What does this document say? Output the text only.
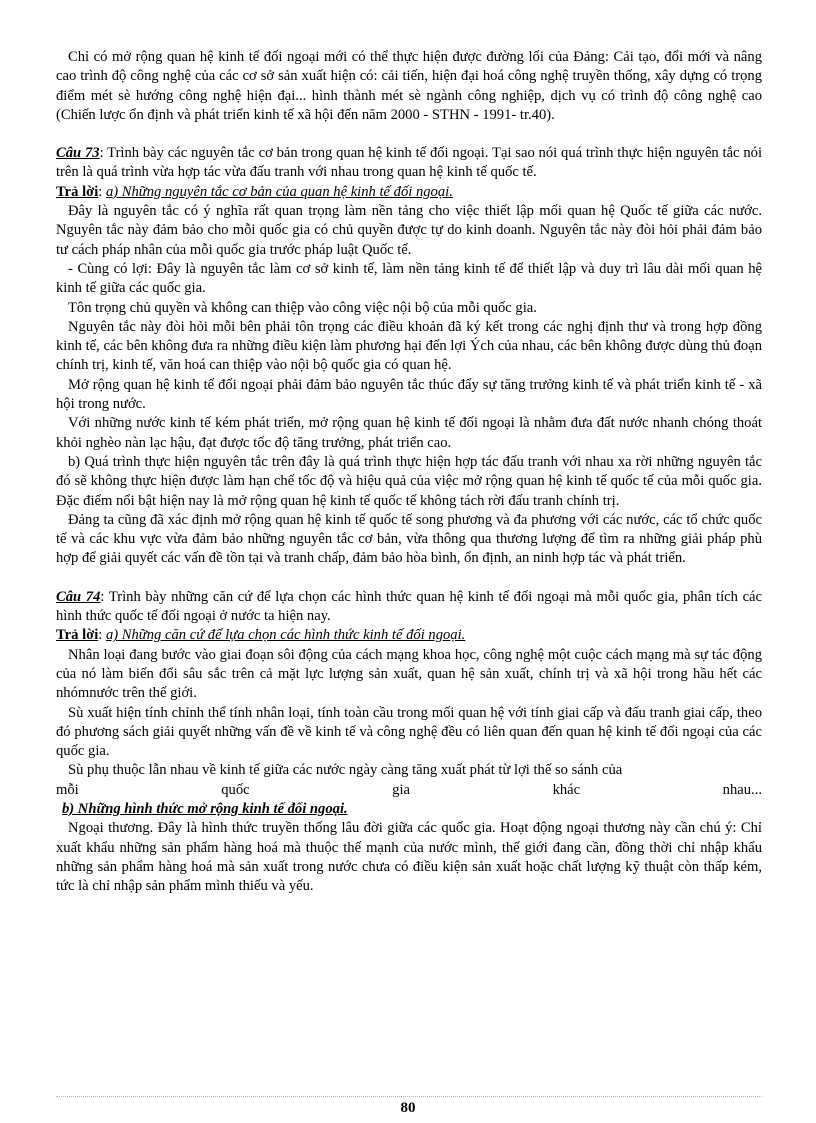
Chỉ có mở rộng quan hệ kinh tế đối ngoại mới có thể thực hiện được đường lối của Đảng: Cải tạo, đổi mới và nâng cao trình độ công nghệ của các cơ sở sản xuất hiện có: cải tiến, hiện đại hoá công nghệ truyền thống, xây dựng có trọng điểm mét sè hướng công nghệ hiện đại... hình thành mét sè ngành công nghiệp, dịch vụ có trình độ công nghệ cao (Chiến lược ổn định và phát triển kinh tế xã hội đến năm 2000 - STHN - 1991- tr.40).

Câu 73: Trình bày các nguyên tắc cơ bản trong quan hệ kinh tế đối ngoại. Tại sao nói quá trình thực hiện nguyên tắc nói trên là quá trình vừa hợp tác vừa đấu tranh với nhau trong quan hệ kinh tế quốc tế.

Trả lời: a) Những nguyên tắc cơ bản của quan hệ kinh tế đối ngoại.

Đây là nguyên tắc có ý nghĩa rất quan trọng làm nền tảng cho việc thiết lập mối quan hệ Quốc tế giữa các nước. Nguyên tắc này đảm bảo cho mỗi quốc gia có chủ quyền được tự do kinh doanh. Nguyên tắc này đòi hỏi phải đảm bảo tư cách pháp nhân của mỗi quốc gia trước pháp luật Quốc tế.

- Cùng có lợi: Đây là nguyên tắc làm cơ sở kinh tế, làm nền tảng kinh tế để thiết lập và duy trì lâu dài mối quan hệ kinh tế giữa các quốc gia.

Tôn trọng chủ quyền và không can thiệp vào công việc nội bộ của mỗi quốc gia.

Nguyên tắc này đòi hỏi mỗi bên phải tôn trọng các điều khoản đã ký kết trong các nghị định thư và trong hợp đồng kinh tế, các bên không đưa ra những điều kiện làm phương hại đến lợi Ých của nhau, các bên không được dùng thủ đoạn chính trị, kinh tế, văn hoá can thiệp vào nội bộ quốc gia có quan hệ.

Mở rộng quan hệ kinh tế đối ngoại phải đảm bảo nguyên tắc thúc đẩy sự tăng trưởng kinh tế và phát triển kinh tế - xã hội trong nước.

Với những nước kinh tế kém phát triển, mở rộng quan hệ kinh tế đối ngoại là nhằm đưa đất nước nhanh chóng thoát khỏi nghèo nàn lạc hậu, đạt được tốc độ tăng trưởng, phát triển cao.

b) Quá trình thực hiện nguyên tắc trên đây là quá trình thực hiện hợp tác đấu tranh với nhau xa rời những nguyên tắc đó sẽ không thực hiện được làm hạn chế tốc độ và hiệu quả của việc mở rộng quan hệ kinh tế quốc tế của mỗi quốc gia. Đặc điểm nổi bật hiện nay là mở rộng quan hệ kinh tế quốc tế không tách rời đấu tranh chính trị.

Đảng ta cũng đã xác định mở rộng quan hệ kinh tế quốc tế song phương và đa phương với các nước, các tổ chức quốc tế và các khu vực vừa đảm bảo những nguyên tắc cơ bản, vừa thông qua thương lượng để tìm ra những giải pháp phù hợp để giải quyết các vấn đề tồn tại và tranh chấp, đảm bảo hòa bình, ổn định, an ninh hợp tác và phát triển.

Câu 74: Trình bày những căn cứ để lựa chọn các hình thức quan hệ kinh tế đối ngoại mà mỗi quốc gia, phân tích các hình thức quốc tế đối ngoại ở nước ta hiện nay.

Trả lời: a) Những căn cứ để lựa chọn các hình thức kinh tế đối ngoại.

Nhân loại đang bước vào giai đoạn sôi động của cách mạng khoa học, công nghệ một cuộc cách mạng mà sự tác động của nó làm biến đổi sâu sắc trên cả mặt lực lượng sản xuất, quan hệ sản xuất, chính trị và xã hội trong hầu hết các nhómnước trên thế giới.

Sù xuất hiện tính chỉnh thể tính nhân loại, tính toàn cầu trong mối quan hệ với tính giai cấp và đấu tranh giai cấp, theo đó phương sách giải quyết những vấn đề về kinh tế và công nghệ đều có liên quan đến quan hệ kinh tế đối ngoại của các quốc gia.

Sù phụ thuộc lẫn nhau về kinh tế giữa các nước ngày càng tăng xuất phát từ lợi thế so sánh của

mỗi	quốc	gia	khác	nhau...

b) Những hình thức mở rộng kinh tế đối ngoại.

Ngoại thương. Đây là hình thức truyền thống lâu đời giữa các quốc gia. Hoạt động ngoại thương này cần chú ý: Chỉ xuất khẩu những sản phẩm hàng hoá mà thuộc thế mạnh của nước mình, thế giới đang cần, đồng thời chỉ nhập khẩu những sản phẩm hàng hoá mà sản xuất trong nước chưa có điều kiện sản xuất hoặc chất lượng kỹ thuật còn thấp kém, tức là chỉ nhập sản phẩm mình thiếu và yếu.

80
